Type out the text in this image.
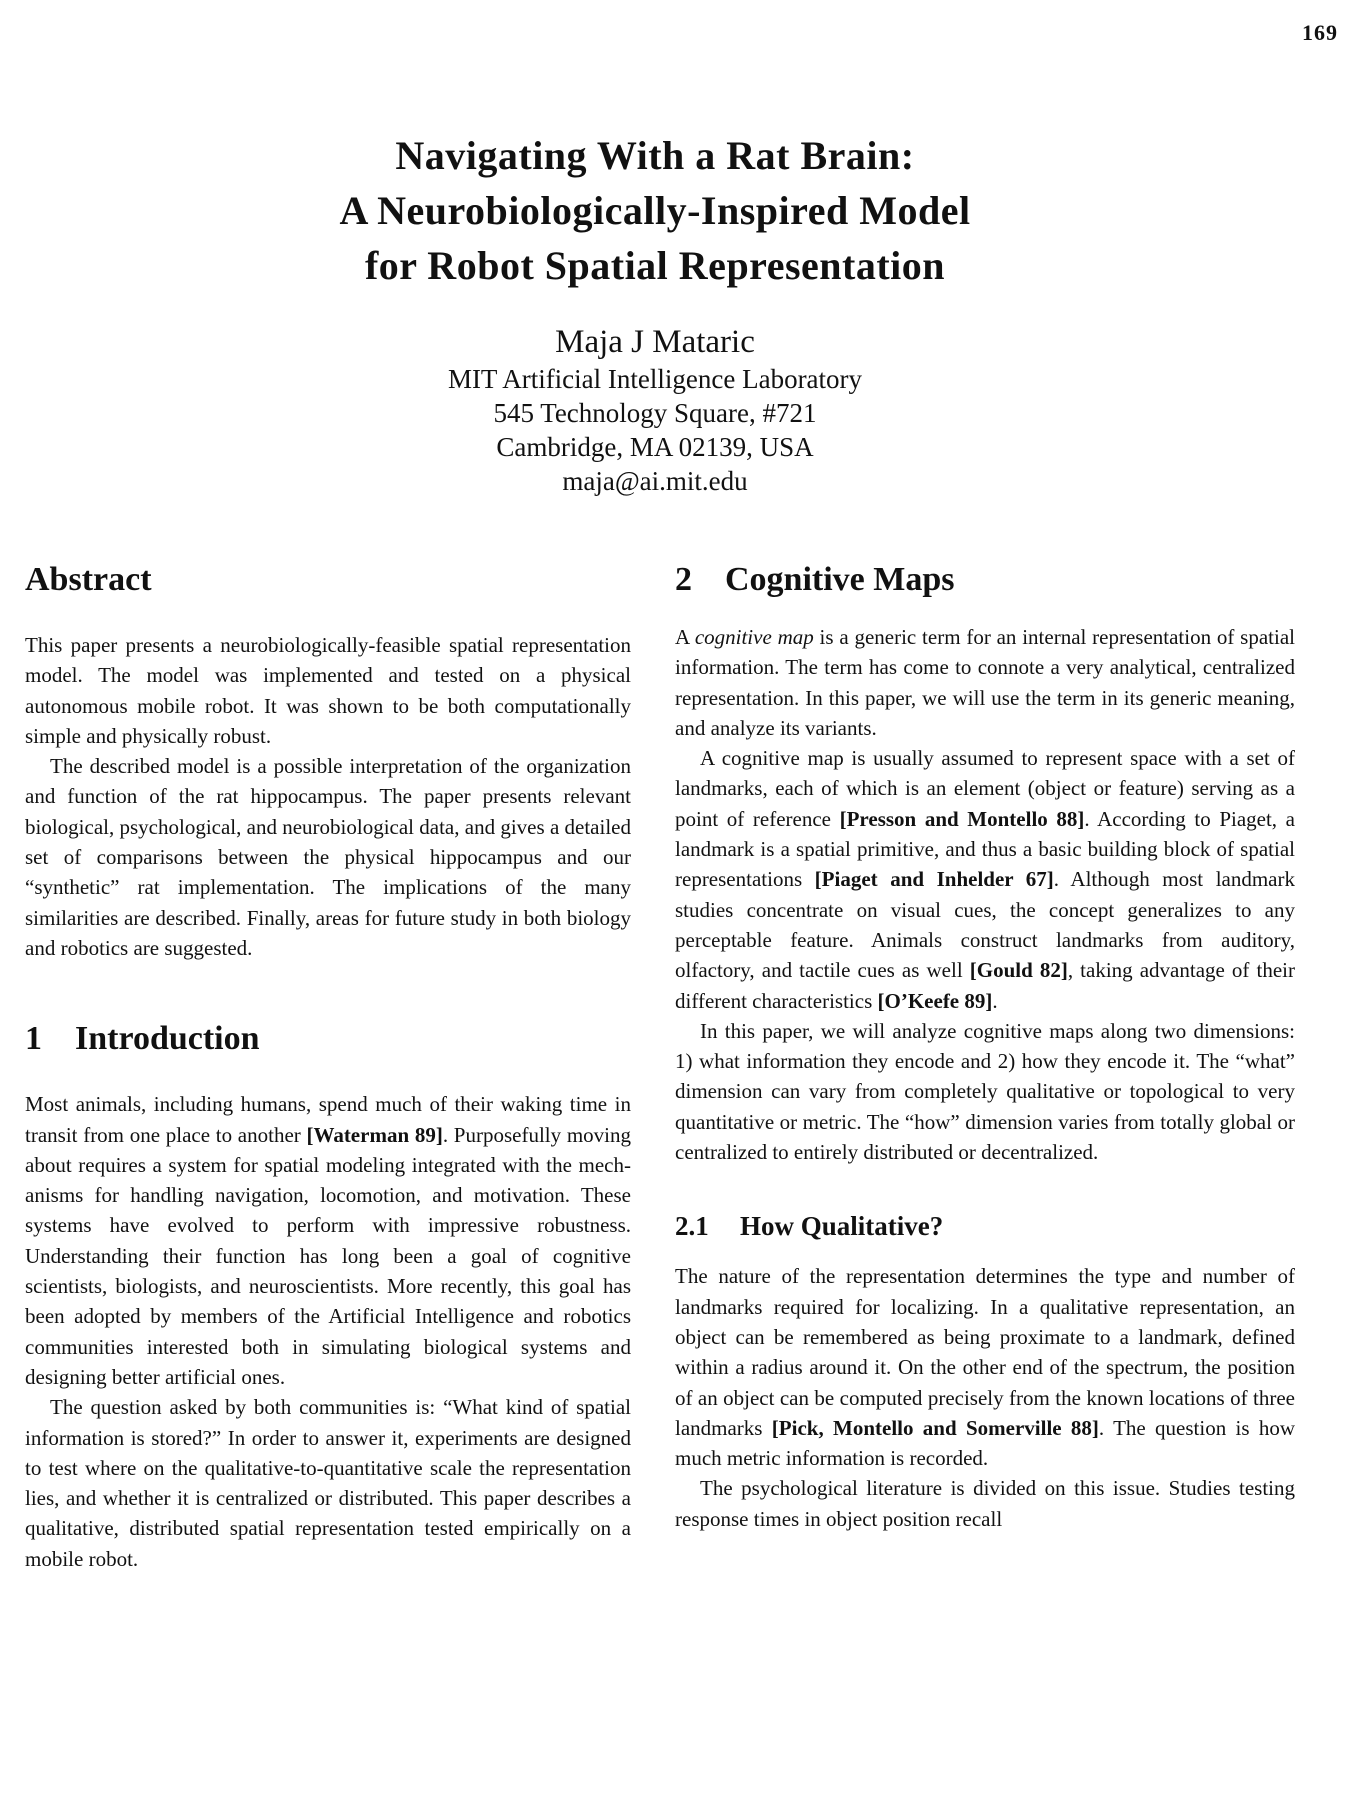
169
Navigating With a Rat Brain:
A Neurobiologically-Inspired Model
for Robot Spatial Representation
Maja J Mataric
MIT Artificial Intelligence Laboratory
545 Technology Square, #721
Cambridge, MA 02139, USA
maja@ai.mit.edu
Abstract

This paper presents a neurobiologically-feasible spatial representation model. The model was implemented and tested on a physical autonomous mobile robot. It was shown to be both computationally simple and physically robust.

The described model is a possible interpretation of the organization and function of the rat hippocampus. The paper presents relevant biological, psychological, and neurobiological data, and gives a detailed set of comparisons between the physical hippocampus and our “synthetic” rat implementation. The implications of the many similarities are described. Finally, areas for future study in both biology and robotics are suggested.

1 Introduction

Most animals, including humans, spend much of their waking time in transit from one place to another [Waterman 89]. Purposefully moving about requires a system for spatial modeling integrated with the mechanisms for handling navigation, locomotion, and motivation. These systems have evolved to perform with impressive robustness. Understanding their function has long been a goal of cognitive scientists, biologists, and neuroscientists. More recently, this goal has been adopted by members of the Artificial Intelligence and robotics communities interested both in simulating biological systems and designing better artificial ones.

The question asked by both communities is: “What kind of spatial information is stored?” In order to answer it, experiments are designed to test where on the qualitative-to-quantitative scale the representation lies, and whether it is centralized or distributed. This paper describes a qualitative, distributed spatial representation tested empirically on a mobile robot.

2 Cognitive Maps

A cognitive map is a generic term for an internal representation of spatial information. The term has come to connote a very analytical, centralized representation. In this paper, we will use the term in its generic meaning, and analyze its variants.

A cognitive map is usually assumed to represent space with a set of landmarks, each of which is an element (object or feature) serving as a point of reference [Presson and Montello 88]. According to Piaget, a landmark is a spatial primitive, and thus a basic building block of spatial representations [Piaget and Inhelder 67]. Although most landmark studies concentrate on visual cues, the concept generalizes to any perceptable feature. Animals construct landmarks from auditory, olfactory, and tactile cues as well [Gould 82], taking advantage of their different characteristics [O’Keefe 89].

In this paper, we will analyze cognitive maps along two dimensions: 1) what information they encode and 2) how they encode it. The “what” dimension can vary from completely qualitative or topological to very quantitative or metric. The “how” dimension varies from totally global or centralized to entirely distributed or decentralized.

2.1 How Qualitative?

The nature of the representation determines the type and number of landmarks required for localizing. In a qualitative representation, an object can be remembered as being proximate to a landmark, defined within a radius around it. On the other end of the spectrum, the position of an object can be computed precisely from the known locations of three landmarks [Pick, Montello and Somerville 88]. The question is how much metric information is recorded.

The psychological literature is divided on this issue. Studies testing response times in object position recall
